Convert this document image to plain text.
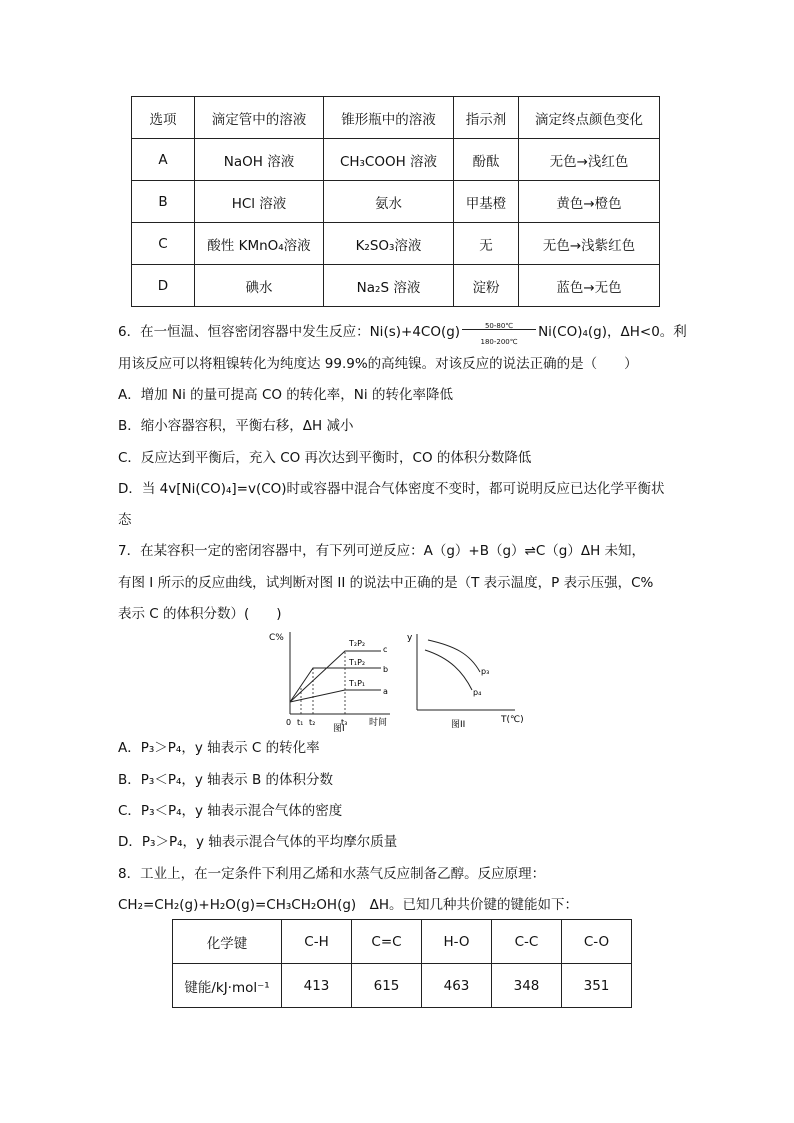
选项	滴定管中的溶液	锥形瓶中的溶液	指示剂	滴定终点颜色变化
A	NaOH 溶液	CH₃COOH 溶液	酚酞	无色→浅红色
B	HCl 溶液	氨水	甲基橙	黄色→橙色
C	酸性 KMnO₄溶液	K₂SO₃溶液	无	无色→浅紫红色
D	碘水	Na₂S 溶液	淀粉	蓝色→无色
6．在一恒温、恒容密闭容器中发生反应：$Ni(s)+4CO(g) \frac{50-80℃}{180-200℃} Ni(CO)_4(g)$，ΔH<0。利
用该反应可以将粗镍转化为纯度达 99.9%的高纯镍。对该反应的说法正确的是（　　）
A．增加 Ni 的量可提高 CO 的转化率，Ni 的转化率降低
B．缩小容器容积，平衡右移，ΔH 减小
C．反应达到平衡后，充入 CO 再次达到平衡时，CO 的体积分数降低
D．当 4v[Ni(CO)₄]=v(CO)时或容器中混合气体密度不变时，都可说明反应已达化学平衡状
态
7．在某容积一定的密闭容器中，有下列可逆反应：A（g）+B（g）⇌C（g）ΔH 未知，
有图 I 所示的反应曲线，试判断对图 II 的说法中正确的是（T 表示温度，P 表示压强，C%
表示 C 的体积分数）(　　)
C%
0 t₁ t₂	t₃ 时间
T₂P₂
c
T₁P₂
b
T₁P₁
a
图I
y
p₃
p₄
T(℃)
图II
A．P₃＞P₄，y 轴表示 C 的转化率
B．P₃＜P₄，y 轴表示 B 的体积分数
C．P₃＜P₄，y 轴表示混合气体的密度
D．P₃＞P₄，y 轴表示混合气体的平均摩尔质量
8．工业上，在一定条件下利用乙烯和水蒸气反应制备乙醇。反应原理：
CH₂=CH₂(g)+H₂O(g)=CH₃CH₂OH(g)　ΔH。已知几种共价键的键能如下：
化学键	C-H	C=C	H-O	C-C	C-O
键能/kJ·mol⁻¹	413	615	463	348	351
